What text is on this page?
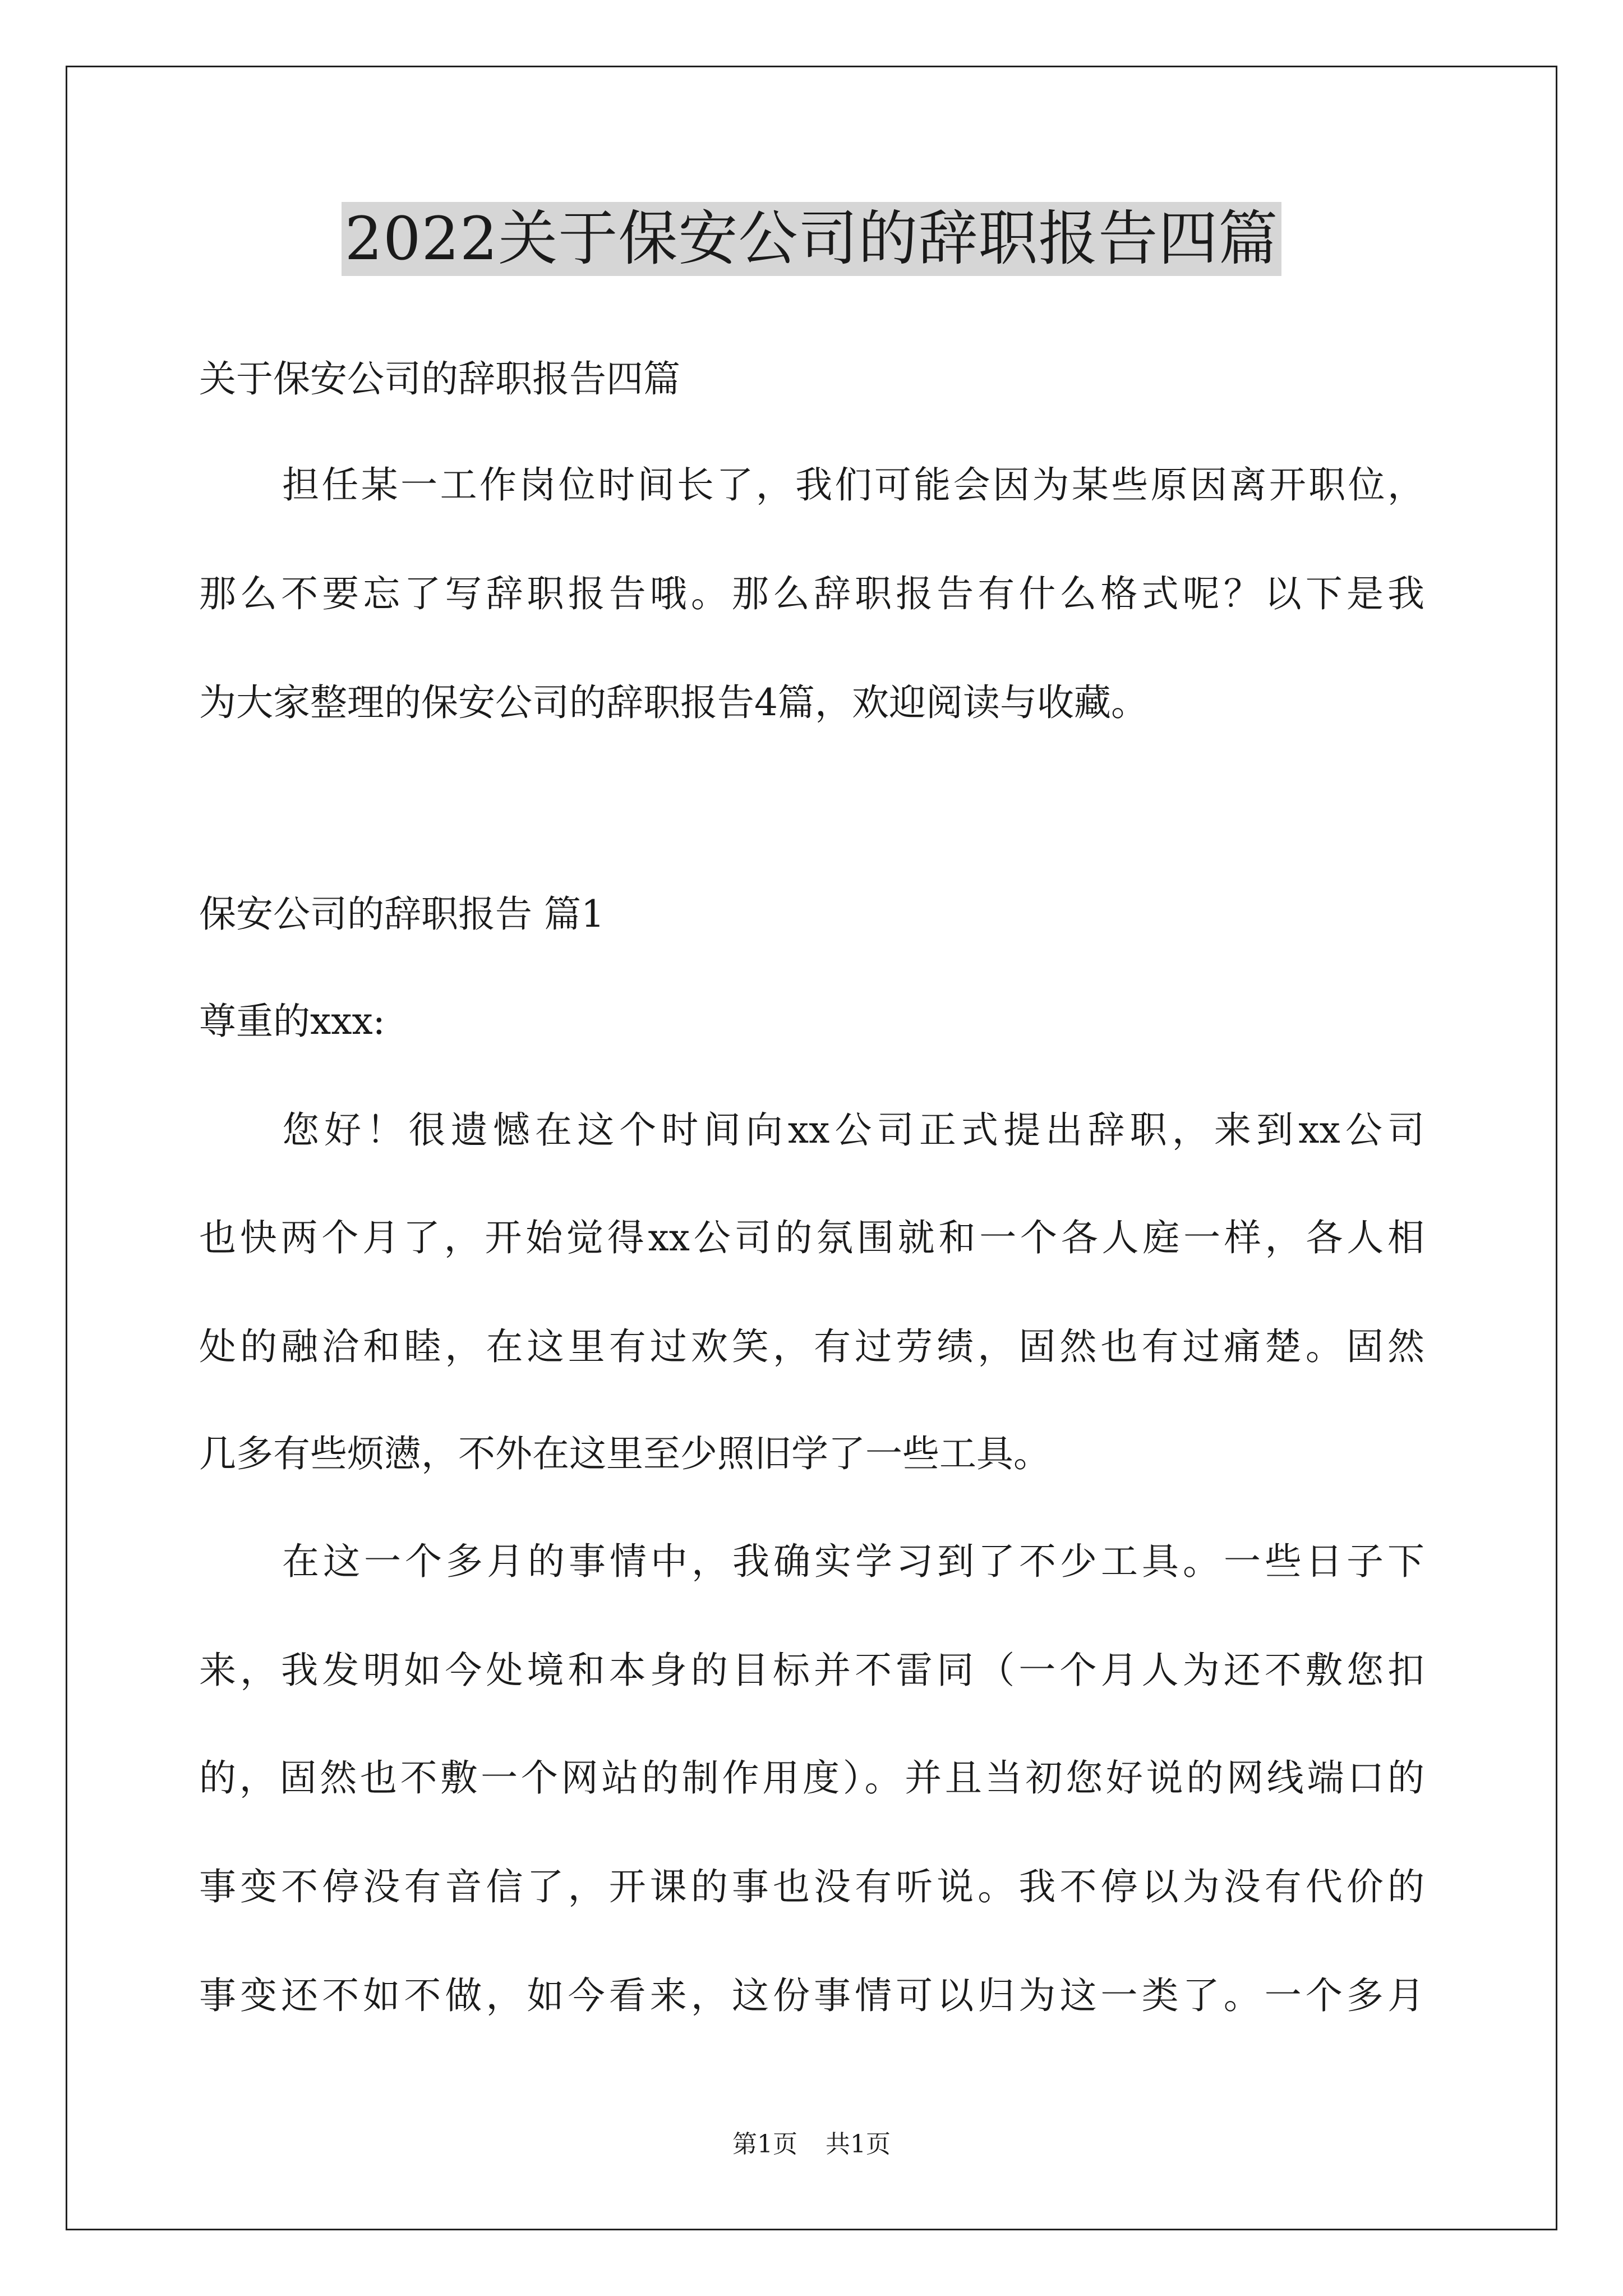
2022关于保安公司的辞职报告四篇
关于保安公司的辞职报告四篇
担任某一工作岗位时间长了，我们可能会因为某些原因离开职位，
那么不要忘了写辞职报告哦。那么辞职报告有什么格式呢？以下是我
为大家整理的保安公司的辞职报告4篇，欢迎阅读与收藏。
保安公司的辞职报告 篇1
尊重的xxx:
您好！很遗憾在这个时间向xx公司正式提出辞职，来到xx公司
也快两个月了，开始觉得xx公司的氛围就和一个各人庭一样，各人相
处的融洽和睦，在这里有过欢笑，有过劳绩，固然也有过痛楚。固然
几多有些烦懑，不外在这里至少照旧学了一些工具。
在这一个多月的事情中，我确实学习到了不少工具。一些日子下
来，我发明如今处境和本身的目标并不雷同（一个月人为还不敷您扣
的，固然也不敷一个网站的制作用度）。并且当初您好说的网线端口的
事变不停没有音信了，开课的事也没有听说。我不停以为没有代价的
事变还不如不做，如今看来，这份事情可以归为这一类了。一个多月
第1页 共1页
